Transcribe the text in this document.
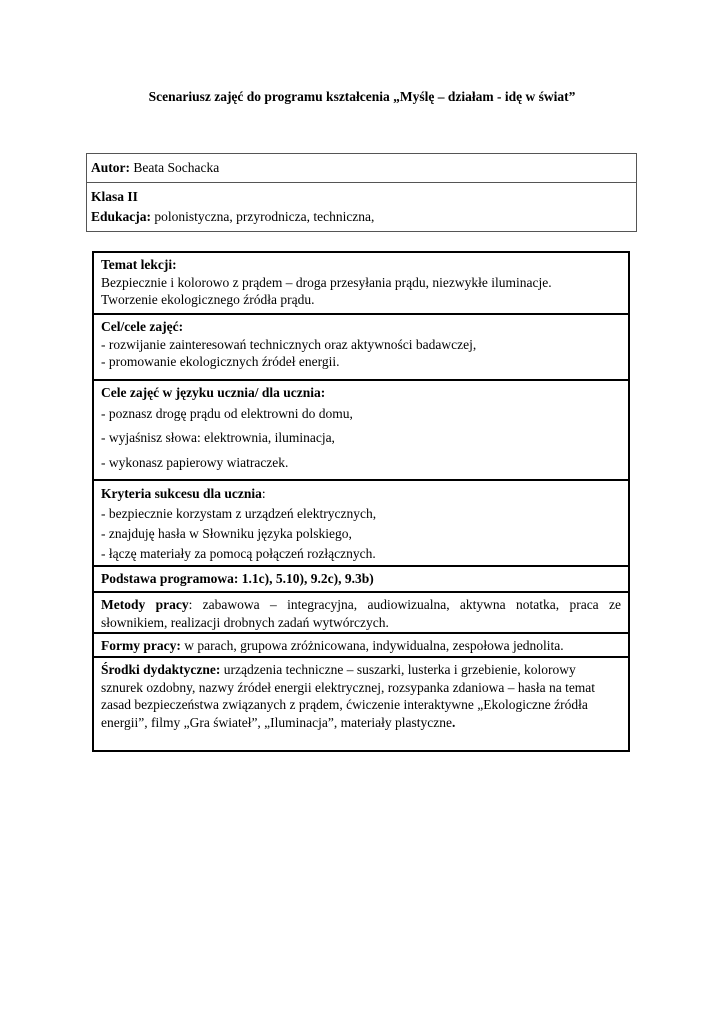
Scenariusz zajęć do programu kształcenia „Myślę – działam - idę w świat”
Autor: Beata Sochacka
Klasa II
Edukacja: polonistyczna, przyrodnicza, techniczna,

Temat lekcji:

Bezpiecznie i kolorowo z prądem – droga przesyłania prądu, niezwykłe iluminacje.

Tworzenie ekologicznego źródła prądu.

Cel/cele zajęć:

- rozwijanie zainteresowań technicznych oraz aktywności badawczej,

- promowanie ekologicznych źródeł energii.

Cele zajęć w języku ucznia/ dla ucznia:

- poznasz drogę prądu od elektrowni do domu,

- wyjaśnisz słowa: elektrownia, iluminacja,

- wykonasz papierowy wiatraczek.

Kryteria sukcesu dla ucznia:

- bezpiecznie korzystam z urządzeń elektrycznych,

- znajduję hasła w Słowniku języka polskiego,

- łączę materiały za pomocą połączeń rozłącznych.

Podstawa programowa: 1.1c), 5.10), 9.2c), 9.3b)

Metody pracy: zabawowa – integracyjna, audiowizualna, aktywna notatka, praca ze słownikiem, realizacji drobnych zadań wytwórczych.
Formy pracy: w parach, grupowa zróżnicowana, indywidualna, zespołowa jednolita.
Środki dydaktyczne: urządzenia techniczne – suszarki, lusterka i grzebienie, kolorowy sznurek ozdobny, nazwy źródeł energii elektrycznej, rozsypanka zdaniowa – hasła na temat zasad bezpieczeństwa związanych z prądem, ćwiczenie interaktywne „Ekologiczne źródła energii”, filmy „Gra świateł”, „Iluminacja”, materiały plastyczne.
